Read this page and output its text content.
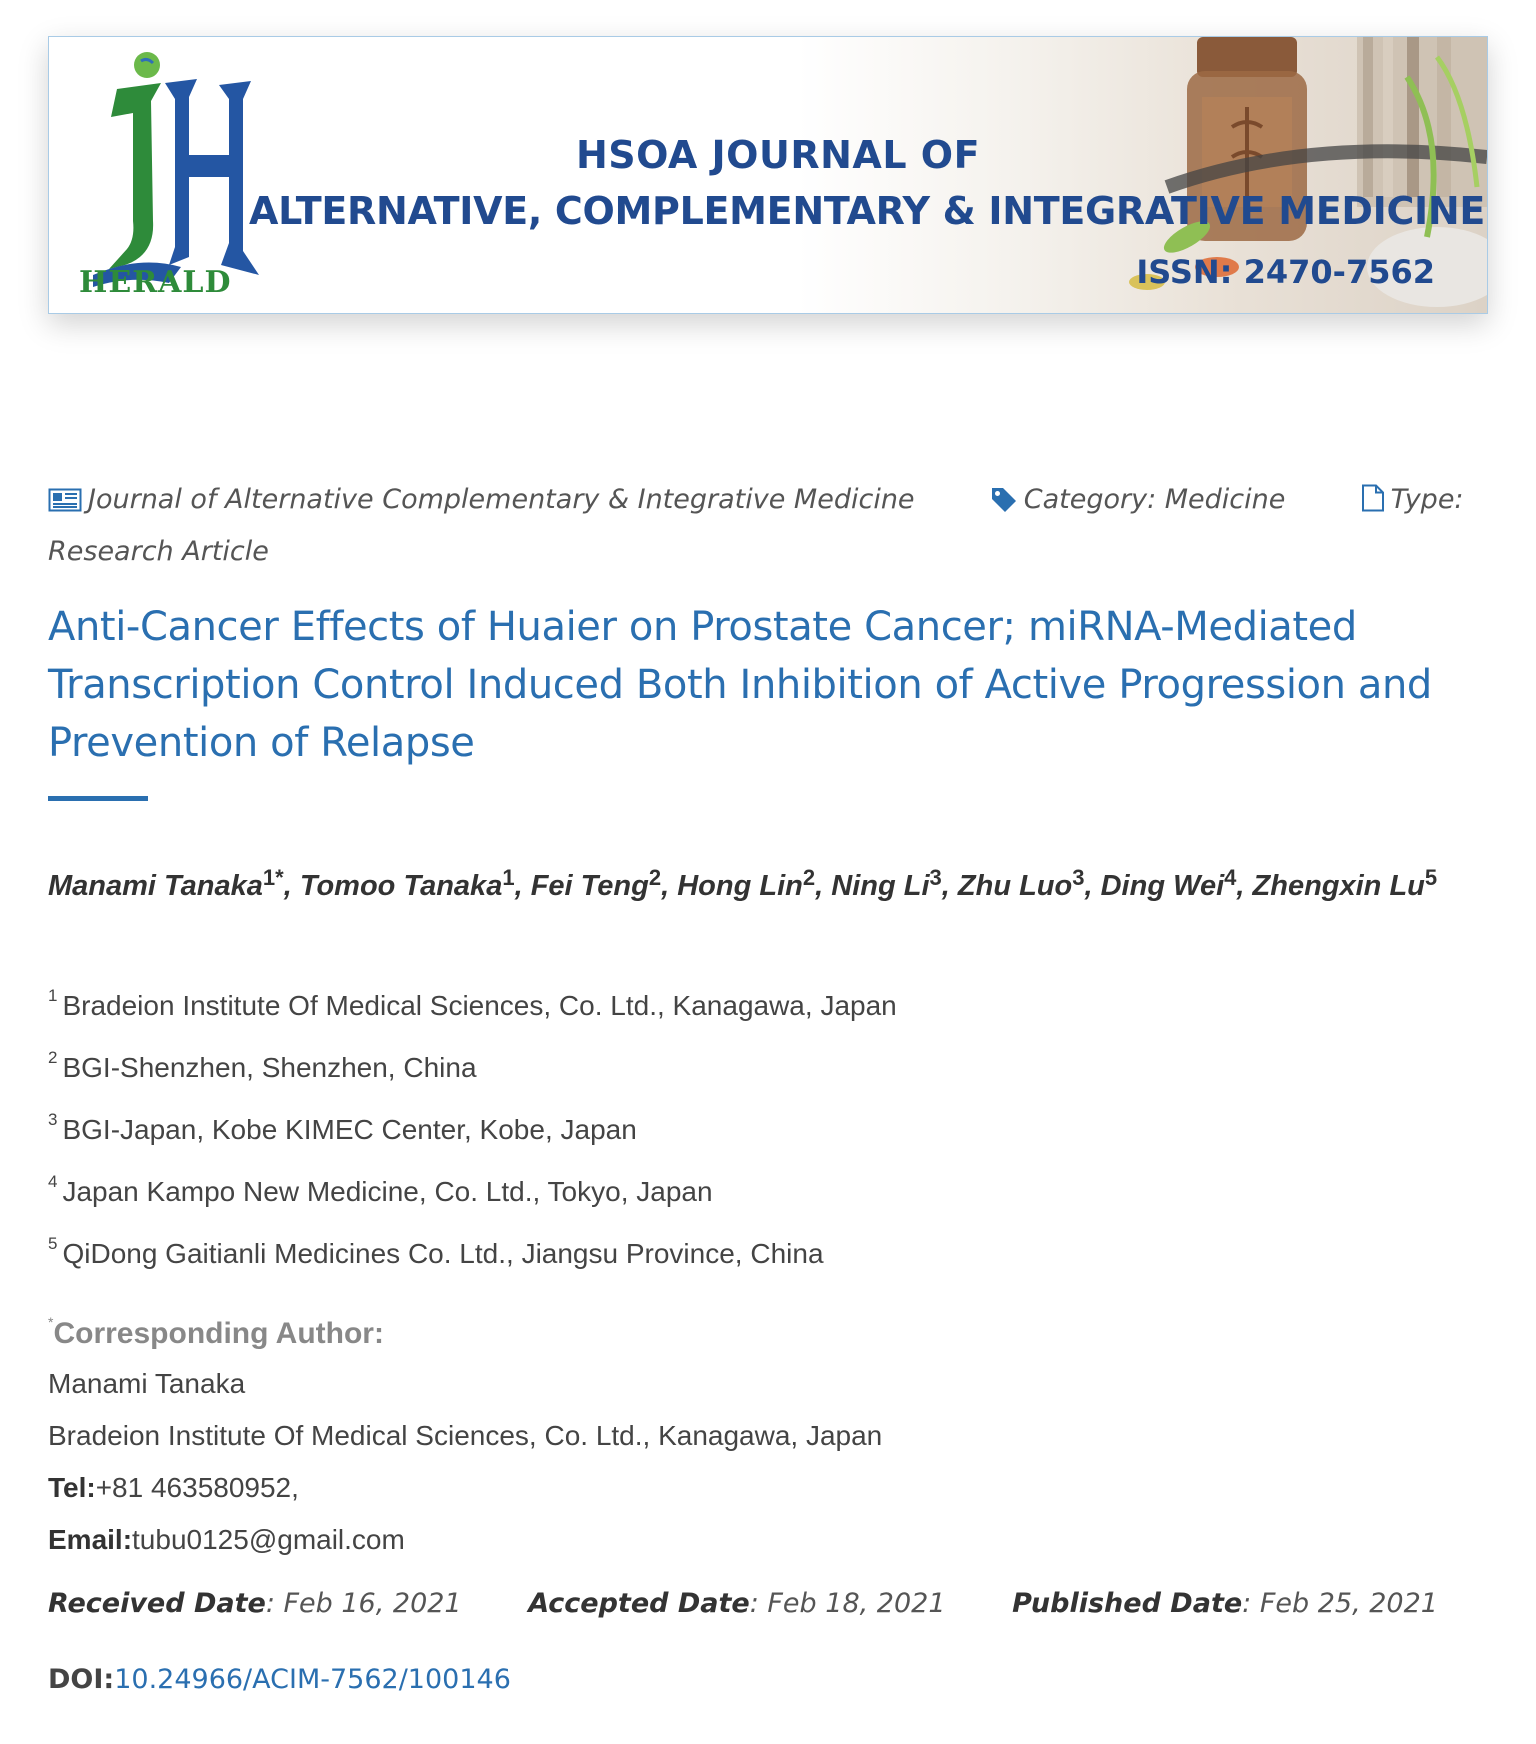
HERALD
HSOA JOURNAL OF
ALTERNATIVE, COMPLEMENTARY & INTEGRATIVE MEDICINE
ISSN: 2470-7562
Journal of Alternative Complementary & Integrative Medicine	Category: Medicine	Type: Research Article
Anti-Cancer Effects of Huaier on Prostate Cancer; miRNA-Mediated Transcription Control Induced Both Inhibition of Active Progression and Prevention of Relapse
Manami Tanaka$^{1*}$, Tomoo Tanaka$^1$, Fei Teng$^2$, Hong Lin$^2$, Ning Li$^3$, Zhu Luo$^3$, Ding Wei$^4$, Zhengxin Lu$^5$
$^1$ Bradeion Institute Of Medical Sciences, Co. Ltd., Kanagawa, Japan
$^2$ BGI-Shenzhen, Shenzhen, China
$^3$ BGI-Japan, Kobe KIMEC Center, Kobe, Japan
$^4$ Japan Kampo New Medicine, Co. Ltd., Tokyo, Japan
$^5$ QiDong Gaitianli Medicines Co. Ltd., Jiangsu Province, China
*Corresponding Author:
Manami Tanaka
Bradeion Institute Of Medical Sciences, Co. Ltd., Kanagawa, Japan
Tel:+81 463580952,
Email:tubu0125@gmail.com
Received Date: Feb 16, 2021 Accepted Date: Feb 18, 2021 Published Date: Feb 25, 2021
DOI:10.24966/ACIM-7562/100146
